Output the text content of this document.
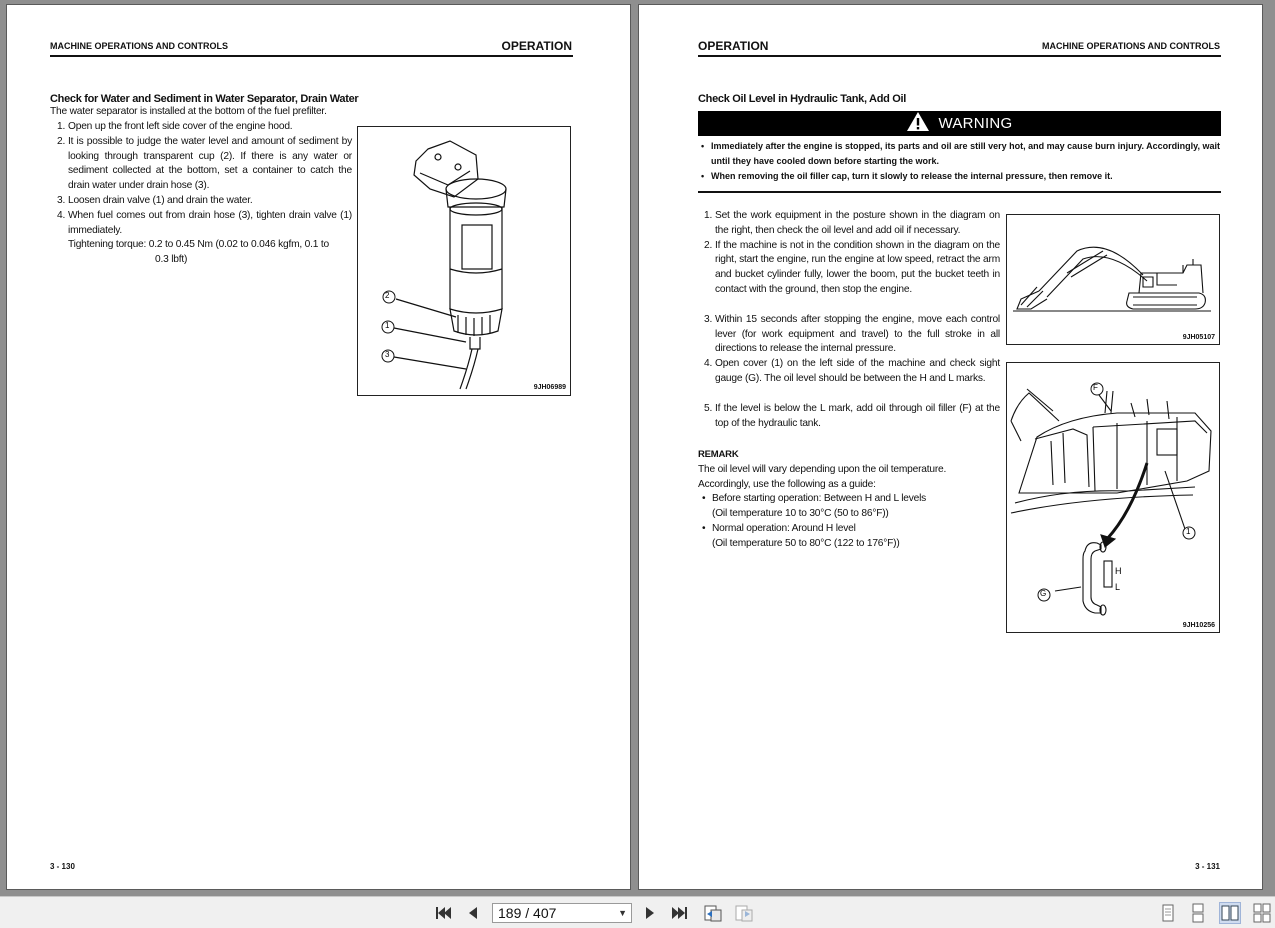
MACHINE OPERATIONS AND CONTROLS	OPERATION
Check for Water and Sediment in Water Separator, Drain Water
The water separator is installed at the bottom of the fuel prefilter.
1. Open up the front left side cover of the engine hood.
2. It is possible to judge the water level and amount of sediment by looking through transparent cup (2). If there is any water or sediment collected at the bottom, set a container to catch the drain water under drain hose (3).
3. Loosen drain valve (1) and drain the water.
4. When fuel comes out from drain hose (3), tighten drain valve (1) immediately.
Tightening torque: 0.2 to 0.45 Nm (0.02 to 0.046 kgfm, 0.1 to
0.3 lbft)
2
1
3
9JH06989
3 - 130
OPERATION	MACHINE OPERATIONS AND CONTROLS
Check Oil Level in Hydraulic Tank, Add Oil
WARNING
• Immediately after the engine is stopped, its parts and oil are still very hot, and may cause burn injury. Accordingly, wait until they have cooled down before starting the work.
• When removing the oil filler cap, turn it slowly to release the internal pressure, then remove it.
1. Set the work equipment in the posture shown in the diagram on the right, then check the oil level and add oil if necessary.
2. If the machine is not in the condition shown in the diagram on the right, start the engine, run the engine at low speed, retract the arm and bucket cylinder fully, lower the boom, put the bucket teeth in contact with the ground, then stop the engine.
3. Within 15 seconds after stopping the engine, move each control lever (for work equipment and travel) to the full stroke in all directions to release the internal pressure.
4. Open cover (1) on the left side of the machine and check sight gauge (G). The oil level should be between the H and L marks.
5. If the level is below the L mark, add oil through oil filler (F) at the top of the hydraulic tank.
REMARK
The oil level will vary depending upon the oil temperature.
Accordingly, use the following as a guide:
• Before starting operation: Between H and L levels
(Oil temperature 10 to 30°C (50 to 86°F))
• Normal operation: Around H level
(Oil temperature 50 to 80°C (122 to 176°F))
9JH05107
F
1
G
H
L
9JH10256
3 - 131
189 / 407	▼
